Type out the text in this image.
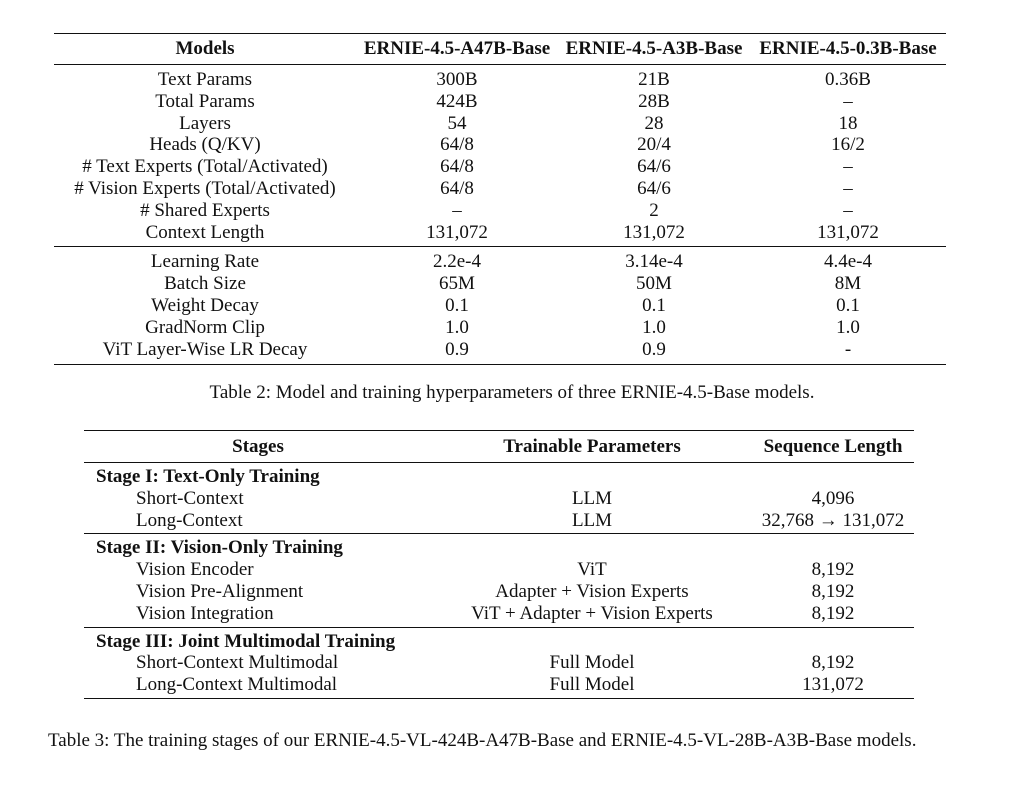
Models	ERNIE-4.5-A47B-Base	ERNIE-4.5-A3B-Base	ERNIE-4.5-0.3B-Base
Text Params	300B	21B	0.36B
Total Params	424B	28B	–
Layers	54	28	18
Heads (Q/KV)	64/8	20/4	16/2
# Text Experts (Total/Activated)	64/8	64/6	–
# Vision Experts (Total/Activated)	64/8	64/6	–
# Shared Experts	–	2	–
Context Length	131,072	131,072	131,072
Learning Rate	2.2e-4	3.14e-4	4.4e-4
Batch Size	65M	50M	8M
Weight Decay	0.1	0.1	0.1
GradNorm Clip	1.0	1.0	1.0
ViT Layer-Wise LR Decay	0.9	0.9	-
Table 2: Model and training hyperparameters of three ERNIE-4.5-Base models.
Stages	Trainable Parameters	Sequence Length
Stage I: Text-Only Training		
Short-Context	LLM	4,096
Long-Context	LLM	32,768 → 131,072
Stage II: Vision-Only Training		
Vision Encoder	ViT	8,192
Vision Pre-Alignment	Adapter + Vision Experts	8,192
Vision Integration	ViT + Adapter + Vision Experts	8,192
Stage III: Joint Multimodal Training		
Short-Context Multimodal	Full Model	8,192
Long-Context Multimodal	Full Model	131,072
Table 3: The training stages of our ERNIE-4.5-VL-424B-A47B-Base and ERNIE-4.5-VL-28B-A3B-Base models.
